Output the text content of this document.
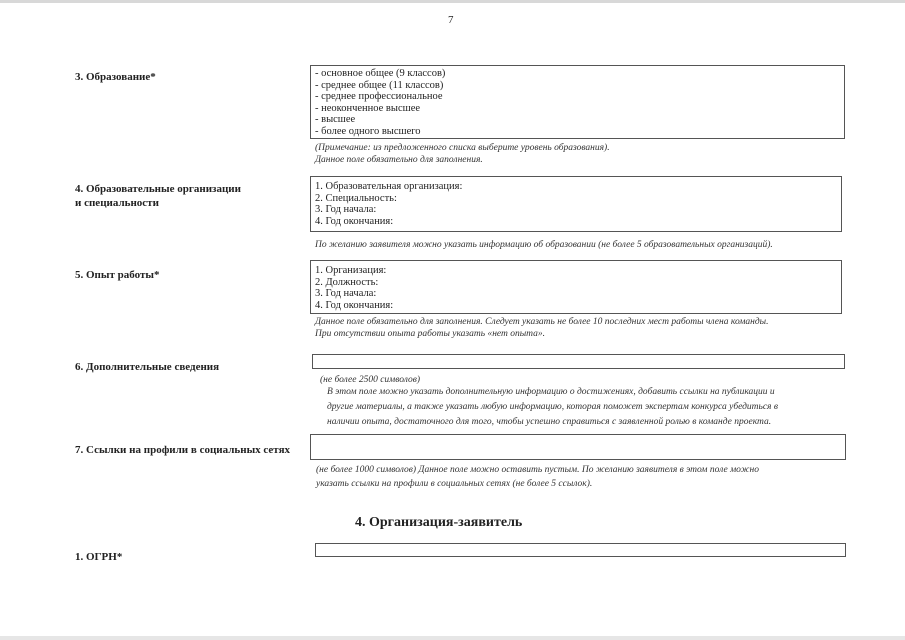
7
3. Образование*	- основное общее (9 классов)
- среднее общее (11 классов)
- среднее профессиональное
- неоконченное высшее
- высшее
- более одного высшего
(Примечание: из предложенного списка выберите уровень образования).
Данное поле обязательно для заполнения.
4. Образовательные организации
и специальности
1. Образовательная организация:
2. Специальность:
3. Год начала:
4. Год окончания:
По желанию заявителя можно указать информацию об образовании (не более 5 образовательных организаций).
5. Опыт работы*	1. Организация:
2. Должность:
3. Год начала:
4. Год окончания:
Данное поле обязательно для заполнения. Следует указать не более 10 последних мест работы члена команды.
При отсутствии опыта работы указать «нет опыта».
6. Дополнительные сведения
(не более 2500 символов)
В этом поле можно указать дополнительную информацию о достижениях, добавить ссылки на публикации и
другие материалы, а также указать любую информацию, которая поможет экспертам конкурса убедиться в
наличии опыта, достаточного для того, чтобы успешно справиться с заявленной ролью в команде проекта.
7. Ссылки на профили в социальных сетях
(не более 1000 символов) Данное поле можно оставить пустым. По желанию заявителя в этом поле можно
указать ссылки на профили в социальных сетях (не более 5 ссылок).
4. Организация-заявитель
1. ОГРН*
